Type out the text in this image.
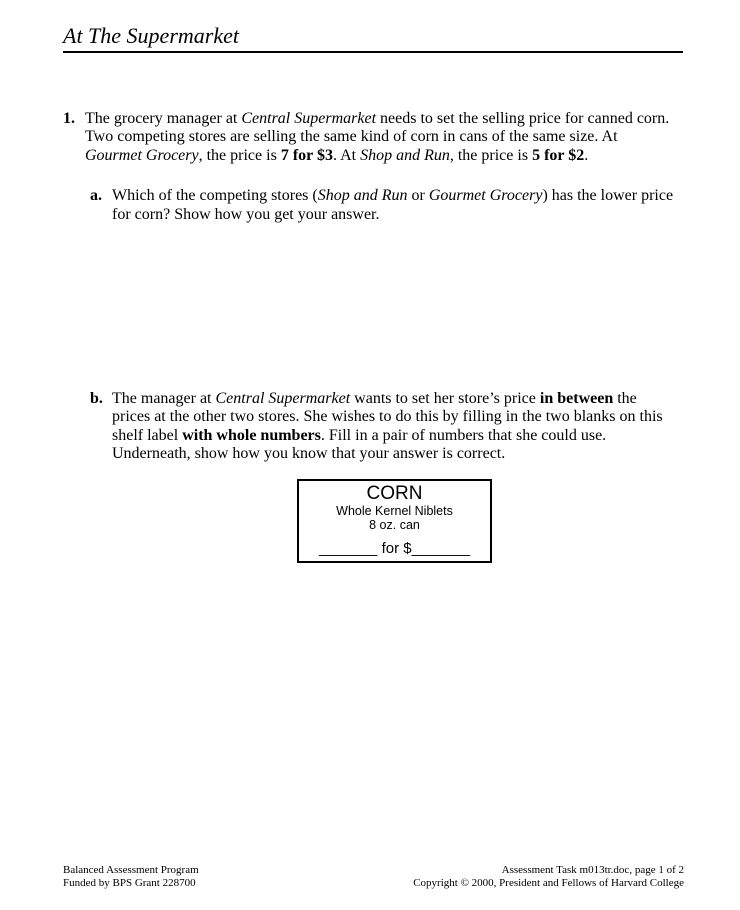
At The Supermarket
1. The grocery manager at Central Supermarket needs to set the selling price for canned corn. Two competing stores are selling the same kind of corn in cans of the same size. At Gourmet Grocery, the price is 7 for $3. At Shop and Run, the price is 5 for $2.

a. Which of the competing stores (Shop and Run or Gourmet Grocery) has the lower price for corn? Show how you get your answer.

b. The manager at Central Supermarket wants to set her store’s price in between the prices at the other two stores. She wishes to do this by filling in the two blanks on this shelf label with whole numbers. Fill in a pair of numbers that she could use. Underneath, show how you know that your answer is correct.

CORN
Whole Kernel Niblets
8 oz. can
_______ for $_______
Balanced Assessment Program
Funded by BPS Grant 228700
Assessment Task m013tr.doc, page 1 of 2
Copyright © 2000, President and Fellows of Harvard College
